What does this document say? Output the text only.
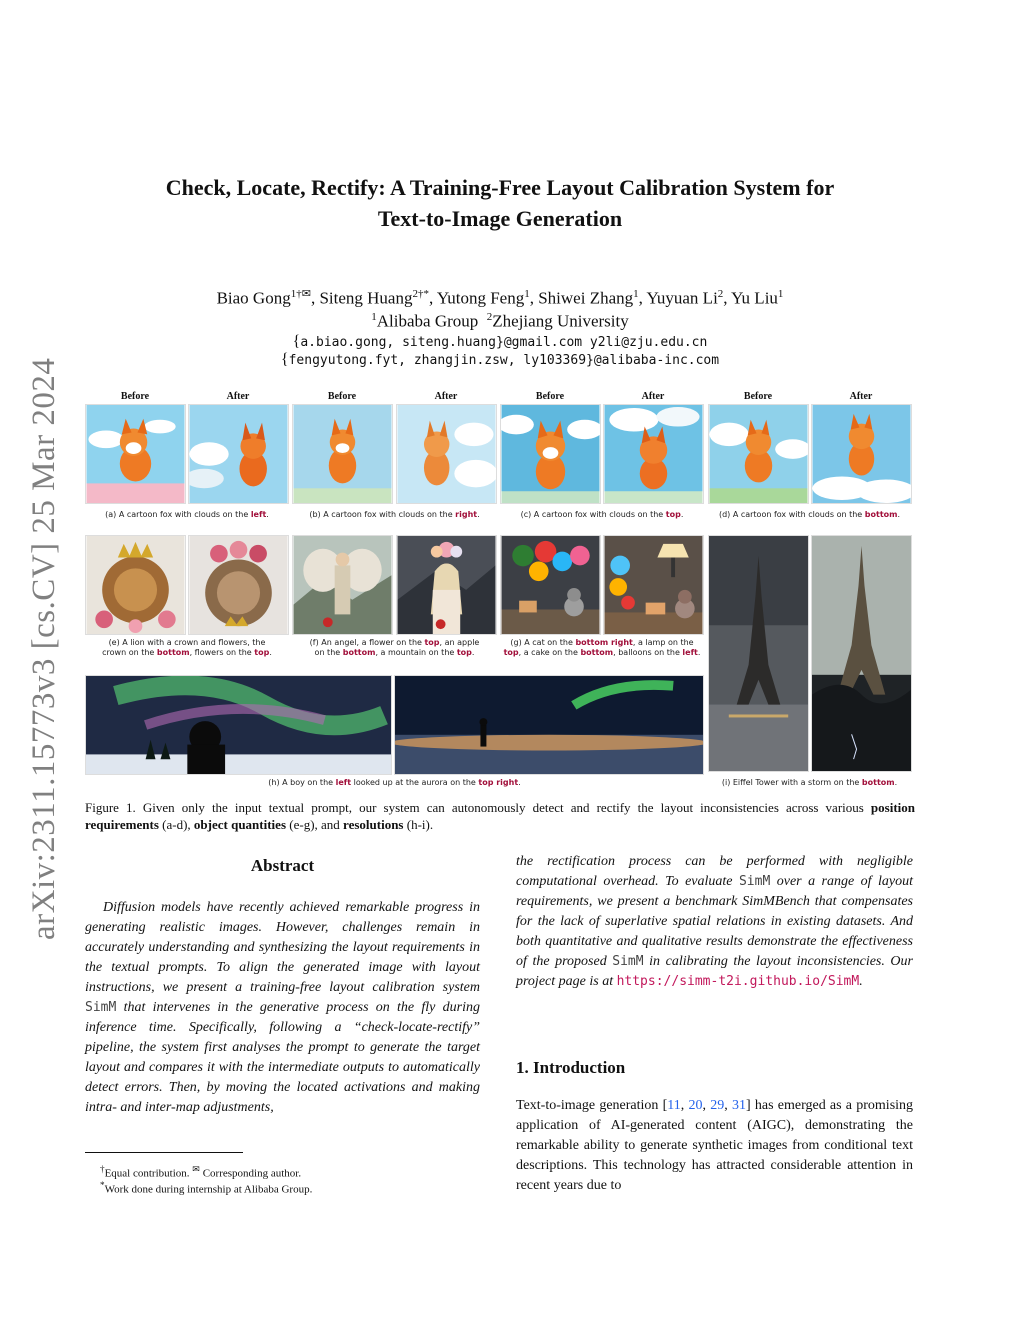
arXiv:2311.15773v3 [cs.CV] 25 Mar 2024
Check, Locate, Rectify: A Training-Free Layout Calibration System for
Text-to-Image Generation
Biao Gong$^{1\dagger✉}$, Siteng Huang$^{2\dagger*}$, Yutong Feng$^1$, Shiwei Zhang$^1$, Yuyuan Li$^2$, Yu Liu$^1$
$^1$Alibaba Group $^2$Zhejiang University
{a.biao.gong, siteng.huang}@gmail.com y2li@zju.edu.cn
{fengyutong.fyt, zhangjin.zsw, ly103369}@alibaba-inc.com
Before	After	Before	After	Before	After	Before	After
(a) A cartoon fox with clouds on the left.	(b) A cartoon fox with clouds on the right.	(c) A cartoon fox with clouds on the top.	(d) A cartoon fox with clouds on the bottom.
(e) A lion with a crown and flowers, the
crown on the bottom, flowers on the top.
(f) An angel, a flower on the top, an apple
on the bottom, a mountain on the top.
(g) A cat on the bottom right, a lamp on the
top, a cake on the bottom, balloons on the left.
(h) A boy on the left looked up at the aurora on the top right.	(i) Eiffel Tower with a storm on the bottom.
Figure 1. Given only the input textual prompt, our system can autonomously detect and rectify the layout inconsistencies across various position requirements (a-d), object quantities (e-g), and resolutions (h-i).
Abstract
Diffusion models have recently achieved remarkable progress in generating realistic images. However, challenges remain in accurately understanding and synthesizing the layout requirements in the textual prompts. To align the generated image with layout instructions, we present a training-free layout calibration system SimM that intervenes in the generative process on the fly during inference time. Specifically, following a “check-locate-rectify” pipeline, the system first analyses the prompt to generate the target layout and compares it with the intermediate outputs to automatically detect errors. Then, by moving the located activations and making intra- and inter-map adjustments,
the rectification process can be performed with negligible computational overhead. To evaluate SimM over a range of layout requirements, we present a benchmark SimMBench that compensates for the lack of superlative spatial relations in existing datasets. And both quantitative and qualitative results demonstrate the effectiveness of the proposed SimM in calibrating the layout inconsistencies. Our project page is at https://simm-t2i.github.io/SimM.
1. Introduction
Text-to-image generation [11, 20, 29, 31] has emerged as a promising application of AI-generated content (AIGC), demonstrating the remarkable ability to generate synthetic images from conditional text descriptions. This technology has attracted considerable attention in recent years due to
†Equal contribution. ✉ Corresponding author.
*Work done during internship at Alibaba Group.
